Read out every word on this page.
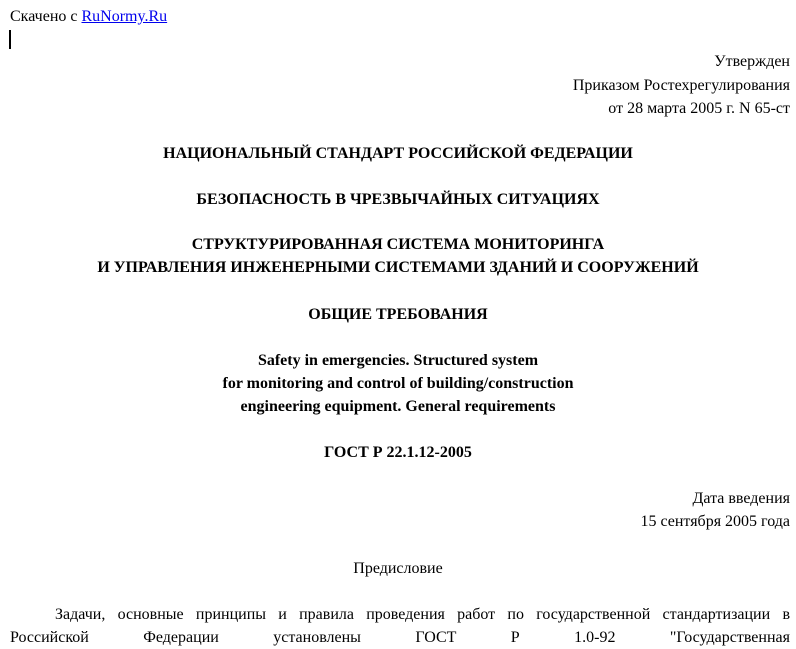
Скачено с RuNormy.Ru
Утвержден
Приказом Ростехрегулирования
от 28 марта 2005 г. N 65-ст
НАЦИОНАЛЬНЫЙ СТАНДАРТ РОССИЙСКОЙ ФЕДЕРАЦИИ
БЕЗОПАСНОСТЬ В ЧРЕЗВЫЧАЙНЫХ СИТУАЦИЯХ
СТРУКТУРИРОВАННАЯ СИСТЕМА МОНИТОРИНГА
И УПРАВЛЕНИЯ ИНЖЕНЕРНЫМИ СИСТЕМАМИ ЗДАНИЙ И СООРУЖЕНИЙ
ОБЩИЕ ТРЕБОВАНИЯ
Safety in emergencies. Structured system
for monitoring and control of building/construction
engineering equipment. General requirements
ГОСТ Р 22.1.12-2005
Дата введения
15 сентября 2005 года
Предисловие

Задачи, основные принципы и правила проведения работ по государственной стандартизации в Российской Федерации установлены ГОСТ Р 1.0-92 "Государственная
